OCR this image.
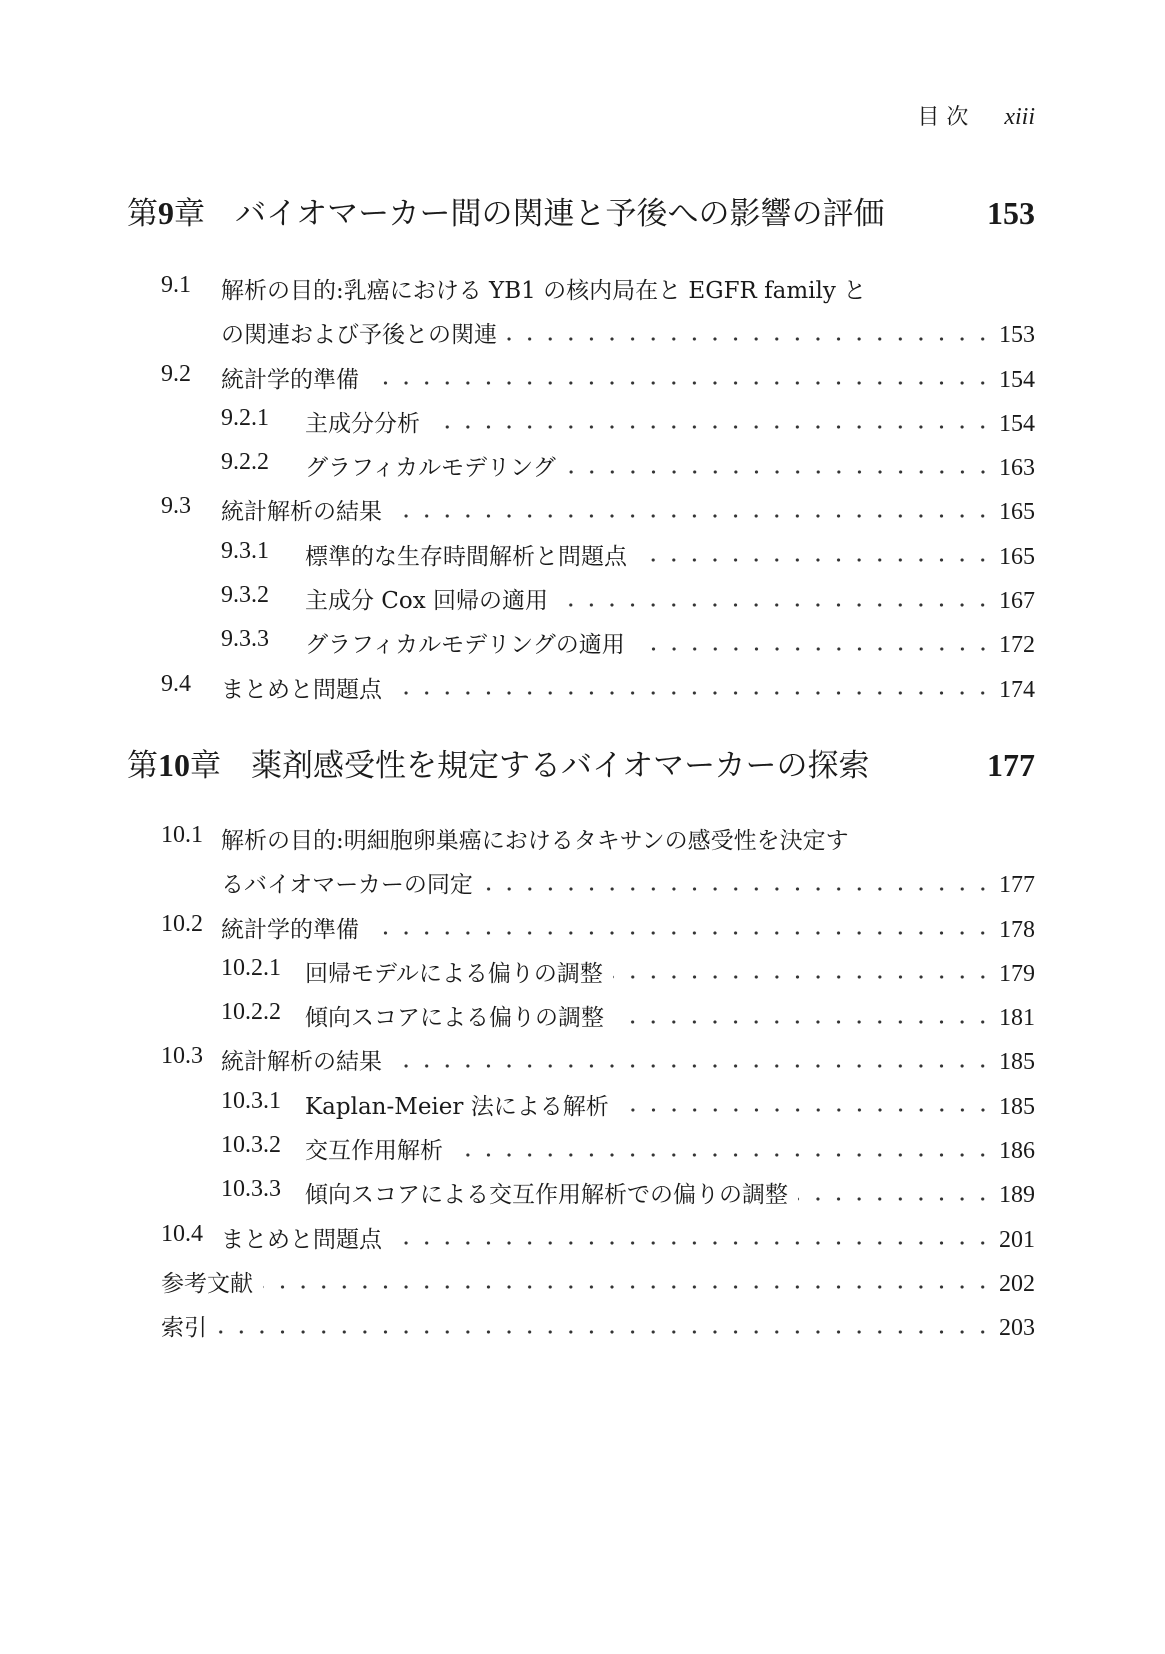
目 次 xiii
第9章 バイオマーカー間の関連と予後への影響の評価	153
9.1 解析の目的:乳癌における YB1 の核内局在と EGFR family と
の関連および予後との関連	153
9.2 統計学的準備	154
9.2.1 主成分分析	154
9.2.2 グラフィカルモデリング	163
9.3 統計解析の結果	165
9.3.1 標準的な生存時間解析と問題点	165
9.3.2 主成分 Cox 回帰の適用	167
9.3.3 グラフィカルモデリングの適用	172
9.4 まとめと問題点	174
第10章 薬剤感受性を規定するバイオマーカーの探索	177
10.1 解析の目的:明細胞卵巣癌におけるタキサンの感受性を決定す
るバイオマーカーの同定	177
10.2 統計学的準備	178
10.2.1 回帰モデルによる偏りの調整	179
10.2.2 傾向スコアによる偏りの調整	181
10.3 統計解析の結果	185
10.3.1 Kaplan-Meier 法による解析	185
10.3.2 交互作用解析	186
10.3.3 傾向スコアによる交互作用解析での偏りの調整	189
10.4 まとめと問題点	201
参考文献	202
索引	203
